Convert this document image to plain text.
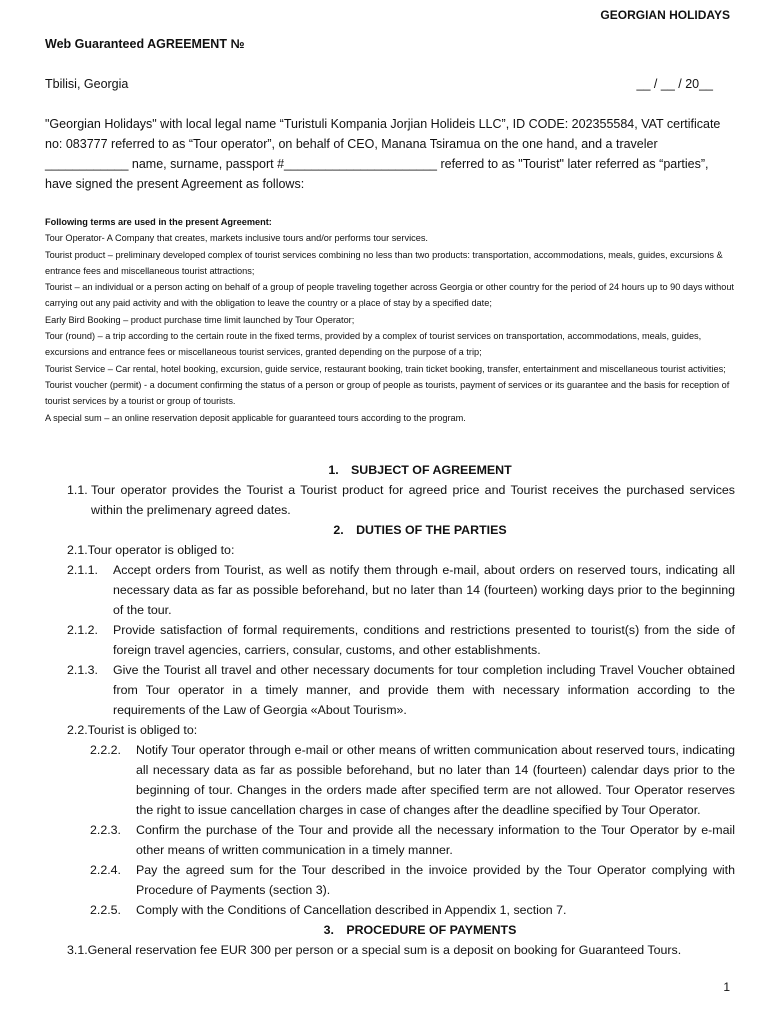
GEORGIAN HOLIDAYS
Web Guaranteed AGREEMENT №
Tbilisi, Georgia	__ / __ / 20__
"Georgian Holidays" with local legal name “Turistuli Kompania Jorjian Holideis LLC”, ID CODE: 202355584, VAT certificate no: 083777 referred to as “Tour operator”, on behalf of CEO, Manana Tsiramua on the one hand, and a traveler ____________ name, surname, passport #______________________ referred to as "Tourist" later referred as “parties”, have signed the present Agreement as follows:
Following terms are used in the present Agreement:
Tour Operator- A Company that creates, markets inclusive tours and/or performs tour services.
Tourist product – preliminary developed complex of tourist services combining no less than two products: transportation, accommodations, meals, guides, excursions & entrance fees and miscellaneous tourist attractions;
Tourist – an individual or a person acting on behalf of a group of people traveling together across Georgia or other country for the period of 24 hours up to 90 days without carrying out any paid activity and with the obligation to leave the country or a place of stay by a specified date;
Early Bird Booking – product purchase time limit launched by Tour Operator;
Tour (round) – a trip according to the certain route in the fixed terms, provided by a complex of tourist services on transportation, accommodations, meals, guides, excursions and entrance fees or miscellaneous tourist services, granted depending on the purpose of a trip;
Tourist Service – Car rental, hotel booking, excursion, guide service, restaurant booking, train ticket booking, transfer, entertainment and miscellaneous tourist activities;
Tourist voucher (permit) - a document confirming the status of a person or group of people as tourists, payment of services or its guarantee and the basis for reception of tourist services by a tourist or group of tourists.
A special sum – an online reservation deposit applicable for guaranteed tours according to the program.
1. SUBJECT OF AGREEMENT
1.1. Tour operator provides the Tourist a Tourist product for agreed price and Tourist receives the purchased services within the prelimenary agreed dates.
2. DUTIES OF THE PARTIES
2.1. Tour operator is obliged to:
2.1.1.	Accept orders from Tourist, as well as notify them through e-mail, about orders on reserved tours, indicating all necessary data as far as possible beforehand, but no later than 14 (fourteen) working days prior to the beginning of the tour.
2.1.2.	Provide satisfaction of formal requirements, conditions and restrictions presented to tourist(s) from the side of foreign travel agencies, carriers, consular, customs, and other establishments.
2.1.3.	Give the Tourist all travel and other necessary documents for tour completion including Travel Voucher obtained from Tour operator in a timely manner, and provide them with necessary information according to the requirements of the Law of Georgia «About Tourism».
2.2. Tourist is obliged to:
2.2.2.	Notify Tour operator through e-mail or other means of written communication about reserved tours, indicating all necessary data as far as possible beforehand, but no later than 14 (fourteen) calendar days prior to the beginning of tour. Changes in the orders made after specified term are not allowed. Tour Operator reserves the right to issue cancellation charges in case of changes after the deadline specified by Tour Operator.
2.2.3.	Confirm the purchase of the Tour and provide all the necessary information to the Tour Operator by e-mail other means of written communication in a timely manner.
2.2.4.	Pay the agreed sum for the Tour described in the invoice provided by the Tour Operator complying with Procedure of Payments (section 3).
2.2.5.	Comply with the Conditions of Cancellation described in Appendix 1, section 7.
3. PROCEDURE OF PAYMENTS
3.1. General reservation fee EUR 300 per person or a special sum is a deposit on booking for Guaranteed Tours.
1
